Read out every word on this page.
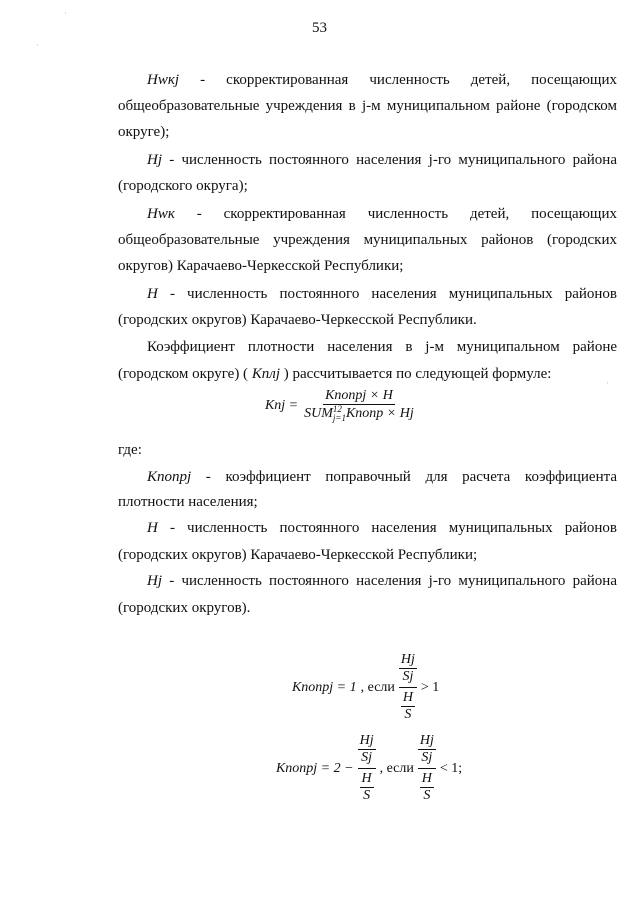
53
Нwкj - скорректированная численность детей, посещающих
общеобразовательные учреждения в j-м муниципальном районе (городском
округе);
Hj - численность постоянного населения j-го муниципального района
(городского округа);
Нwк - скорректированная численность детей, посещающих
общеобразовательные учреждения муниципальных районов (городских
округов) Карачаево-Черкесской Республики;
H - численность постоянного населения муниципальных районов
(городских округов) Карачаево-Черкесской Республики.
Коэффициент плотности населения в j-м муниципальном районе
(городском округе) ( Кплj ) рассчитывается по следующей формуле:
Кпj = Кпопрj × H
SUM 12
j=1 Кпопр × Hj
где:
Кпопрj - коэффициент поправочный для расчета коэффициента
плотности населения;
H - численность постоянного населения муниципальных районов
(городских округов) Карачаево-Черкесской Республики;
Hj - численность постоянного населения j-го муниципального района
(городских округов).
Кпопрj = 1 , если Hj
Sj
H
S > 1
Кпопрj = 2 − Hj
Sj
H
S , если Hj
Sj
H
S < 1;
·
·
·
